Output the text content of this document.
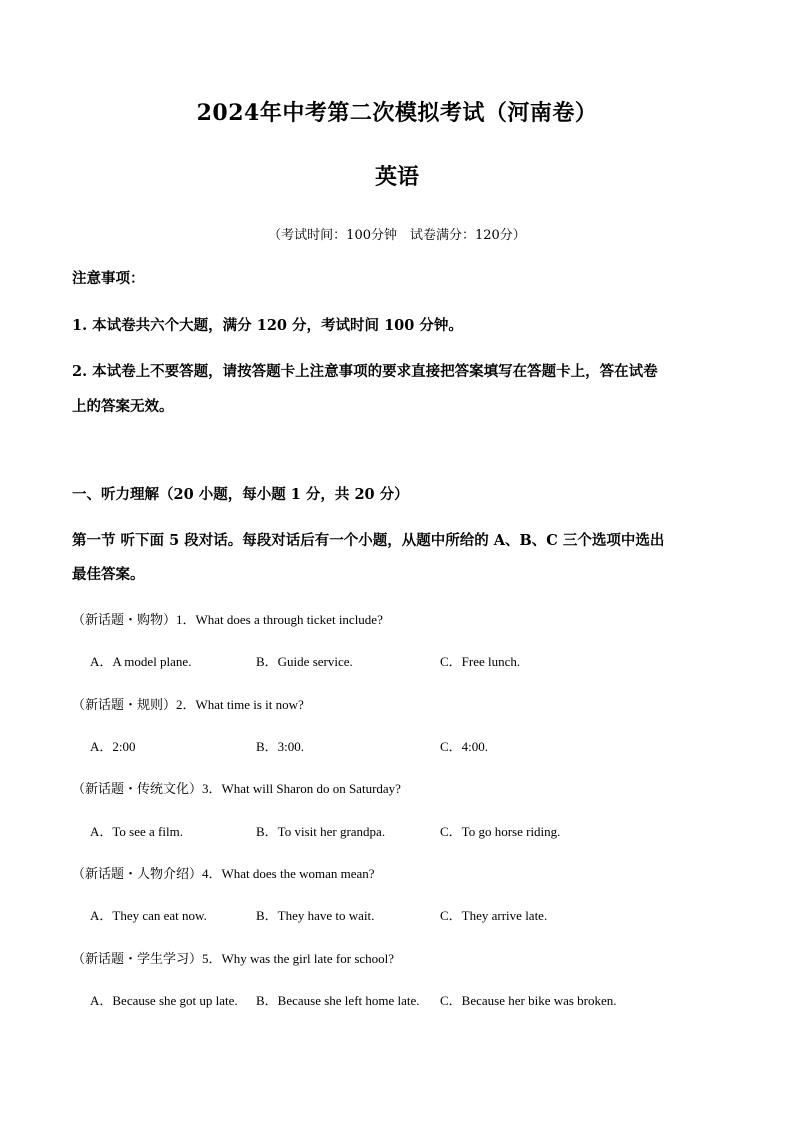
2024年中考第二次模拟考试（河南卷）
英语
（考试时间：100分钟　试卷满分：120分）
注意事项：
1. 本试卷共六个大题，满分 120 分，考试时间 100 分钟。
2. 本试卷上不要答题，请按答题卡上注意事项的要求直接把答案填写在答题卡上，答在试卷
上的答案无效。
一、听力理解（20 小题，每小题 1 分，共 20 分）
第一节 听下面 5 段对话。每段对话后有一个小题，从题中所给的 A、B、C 三个选项中选出
最佳答案。
（新话题・购物）1．What does a through ticket include?
A．A model plane.	B．Guide service.	C．Free lunch.
（新话题・规则）2．What time is it now?
A．2:00	B．3:00.	C．4:00.
（新话题・传统文化）3．What will Sharon do on Saturday?
A．To see a film.	B．To visit her grandpa.	C．To go horse riding.
（新话题・人物介绍）4．What does the woman mean?
A．They can eat now.	B．They have to wait.	C．They arrive late.
（新话题・学生学习）5．Why was the girl late for school?
A．Because she got up late. B．Because she left home late. C．Because her bike was broken.
